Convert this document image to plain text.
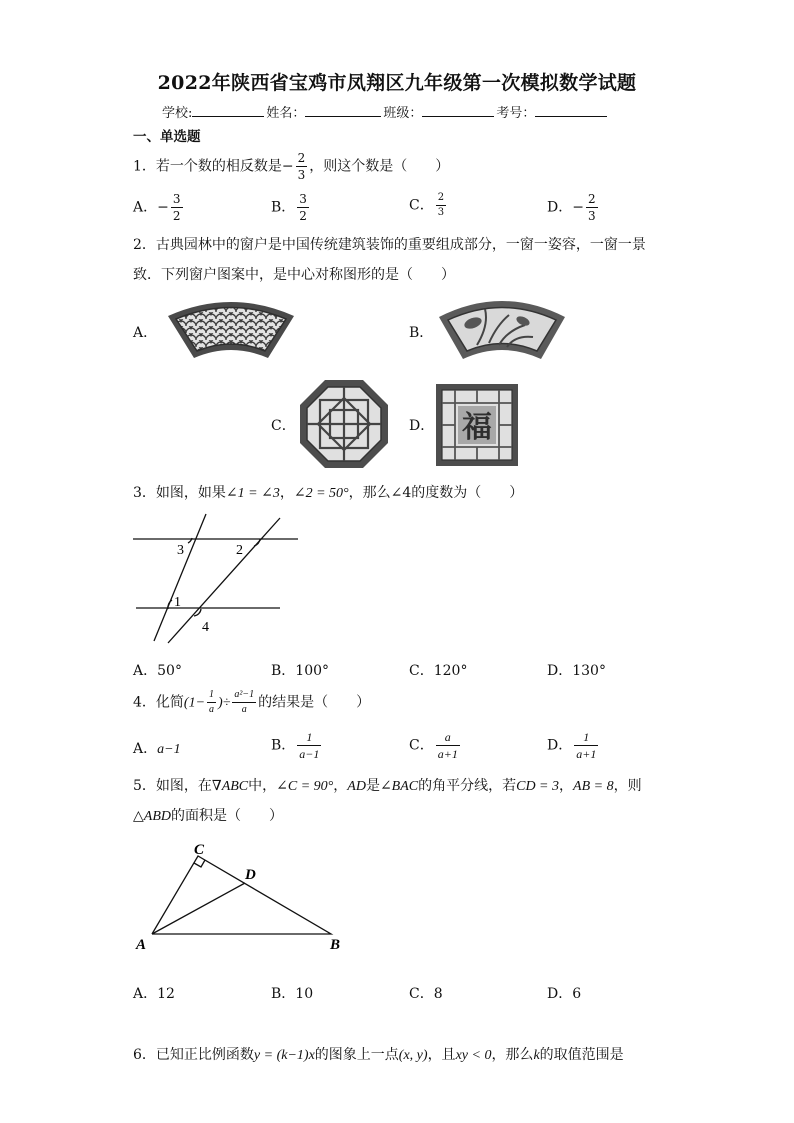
2022年陕西省宝鸡市凤翔区九年级第一次模拟数学试题
学校:	姓名：	班级：	考号：
一、单选题
1．若一个数的相反数是− $\frac{2}{3}$ ，则这个数是（　　）
A．− $\frac{3}{2}$	B． $\frac{3}{2}$	C． $\frac{2}{3}$	D．− $\frac{2}{3}$
2．古典园林中的窗户是中国传统建筑装饰的重要组成部分，一窗一姿容，一窗一景
致．下列窗户图案中，是中心对称图形的是（　　）
A．	B．
C．	D． 福
3．如图，如果∠1 = ∠3，∠2 = 50°，那么∠4的度数为（　　）
3	2
1
4
A．50°	B．100°	C．120°	D．130°
4．化简($1- \frac{1}{a}$ )÷ $\frac{\text{a²−1}}{a}$ 的结果是（　　）
A．a−1	B． $\frac{1}{a-1}$	C． $\frac{a}{a+1}$	D． $\frac{1}{a+1}$
5．如图，在∇ABC中，∠C = 90°，AD是∠BAC的角平分线，若CD = 3，AB = 8，则
△ABD的面积是（　　）
C
D
A	B
A．12	B．10	C．8	D．6
6．已知正比例函数y = (k−1)x的图象上一点(x, y)，且xy < 0，那么k的取值范围是
